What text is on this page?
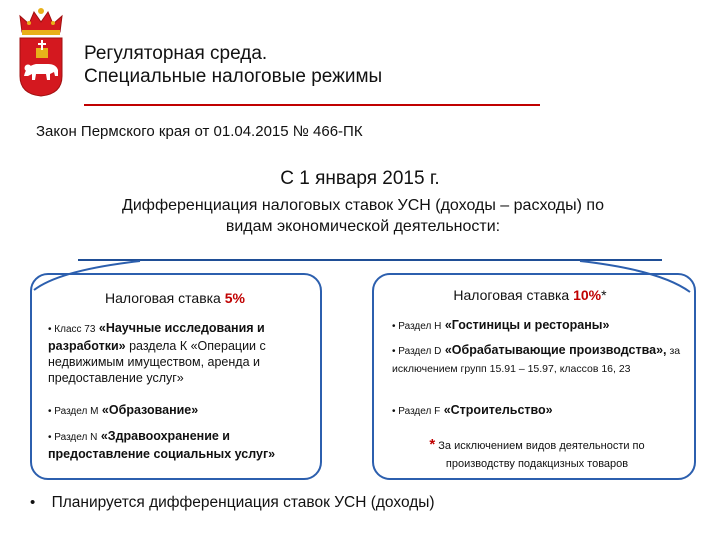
Регуляторная среда.
Специальные налоговые режимы
Закон Пермского края от 01.04.2015 № 466-ПК
С 1 января 2015 г.
Дифференциация налоговых ставок УСН (доходы – расходы) по
видам экономической деятельности:
Налоговая ставка 5%
• Класс 73 «Научные исследования и разработки» раздела К «Операции с недвижимым имуществом, аренда и предоставление услуг»
• Раздел М «Образование»
• Раздел N «Здравоохранение и предоставление социальных услуг»
Налоговая ставка 10%*
• Раздел Н «Гостиницы и рестораны»
• Раздел D «Обрабатывающие производства», за исключением групп 15.91 – 15.97, классов 16, 23
• Раздел F «Строительство»
* За исключением видов деятельности по
производству подакцизных товаров
• Планируется дифференциация ставок УСН (доходы)
